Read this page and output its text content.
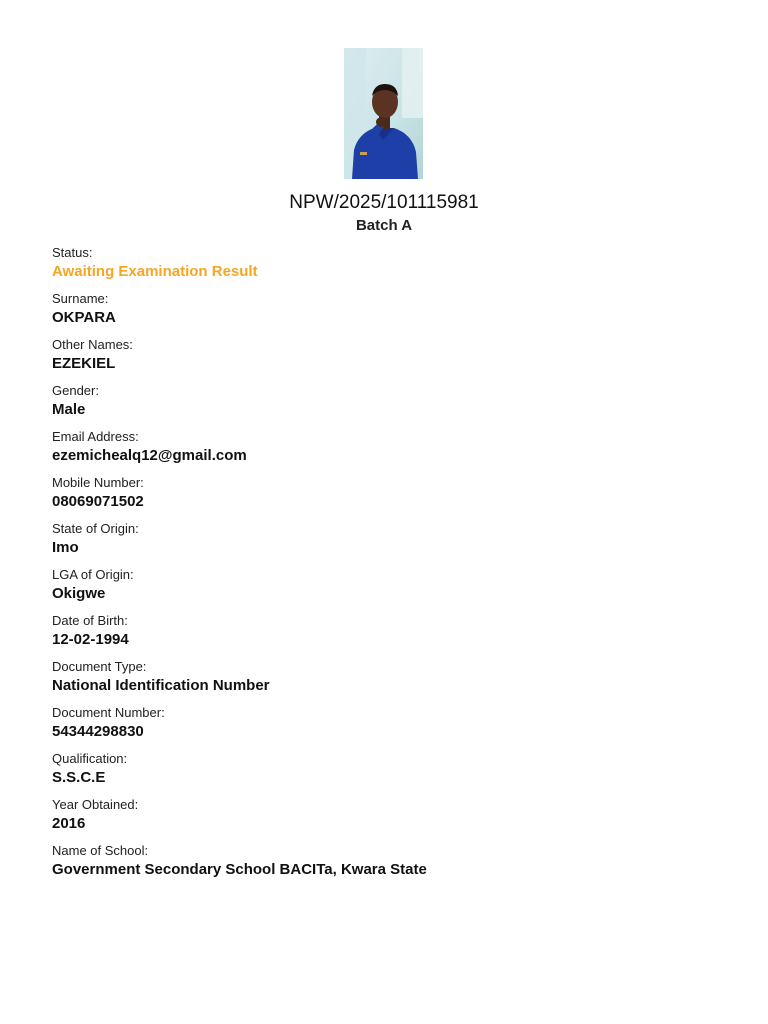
NPW/2025/101115981
Batch A
Status:
Awaiting Examination Result
Surname:
OKPARA
Other Names:
EZEKIEL
Gender:
Male
Email Address:
ezemichealq12@gmail.com
Mobile Number:
08069071502
State of Origin:
Imo
LGA of Origin:
Okigwe
Date of Birth:
12-02-1994
Document Type:
National Identification Number
Document Number:
54344298830
Qualification:
S.S.C.E
Year Obtained:
2016
Name of School:
Government Secondary School BACITa, Kwara State
